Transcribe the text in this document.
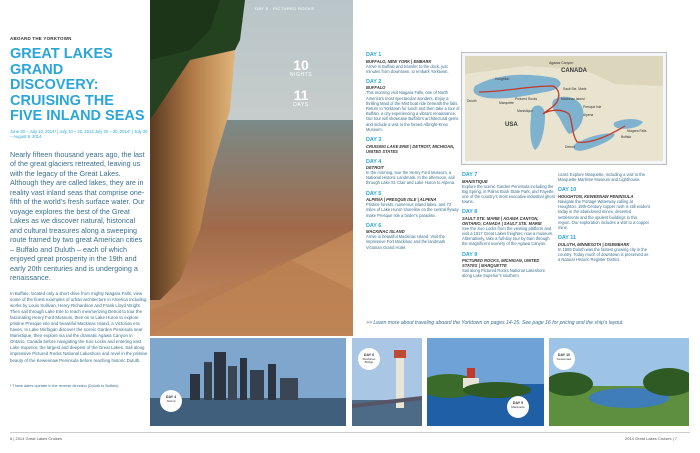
ABOARD THE YORKTOWN
GREAT LAKES GRAND DISCOVERY: CRUISING THE FIVE INLAND SEAS
June 30 – July 10, 2014* | July 10 – 20, 2014 July 20 – 30, 2014* | July 30 – August 9, 2014
Nearly fifteen thousand years ago, the last of the great glaciers retreated, leaving us with the legacy of the Great Lakes. Although they are called lakes, they are in reality vast inland seas that comprise one-fifth of the world’s fresh surface water. Our voyage explores the best of the Great Lakes as we discover natural, historical and cultural treasures along a sweeping route framed by two great American cities – Buffalo and Duluth – each of which enjoyed great prosperity in the 19th and early 20th centuries and is undergoing a renaissance.
In Buffalo, located only a short drive from mighty Niagara Falls, view some of the finest examples of urban architecture in America including works by Louis Sullivan, Henry Richardson and Frank Lloyd Wright. Then sail through Lake Erie to reach mesmerizing Detroit to tour the fascinating Henry Ford Museum, then on to Lake Huron to explore pristine Presque Isle and beautiful Mackinac Island, a Victorian era haven. In Lake Michigan discover the scenic Garden Peninsula near Manistique, then explore via rail the dramatic Agawa Canyon in Ontario, Canada before navigating the Soo Locks and entering vast Lake Superior, the largest and deepest of the Great Lakes. Sail along impressive Pictured Rocks National Lakeshore and revel in the pristine beauty of the Keweenaw Peninsula before reaching historic Duluth.
* These dates operate in the reverse direction (Duluth to Buffalo)
DAY 8 · PICTURED ROCKS
10
NIGHTS
11
DAYS
DAY 1
BUFFALO, NEW YORK | EMBARK
Arrive in Buffalo and transfer to the dock, just minutes from downtown, to embark Yorktown.
DAY 2
BUFFALO
This morning visit Niagara Falls, one of North America’s most spectacular wonders. Enjoy a thrilling Maid of the Mist boat ride beneath the falls. Return to Yorktown for lunch and then take a tour of Buffalo, a city experiencing a vibrant renaissance. Our tour will showcase Buffalo’s architectural gems and include a visit to the famed Albright-Knox Museum.
DAY 3
CRUISING LAKE ERIE | DETROIT, MICHIGAN, UNITED STATES
DAY 4
DETROIT
In the morning, tour the Henry Ford Museum, a National Historic Landmark. In the afternoon, sail through Lake St. Clair and Lake Huron to Alpena.
DAY 5
ALPENA | PRESQUE ISLE | ALPENA
Pristine forests, numerous inland lakes, and 72 miles of Lake Huron shoreline on the central flyway make Presque Isle a birder’s paradise.
DAY 6
MACKINAC ISLAND
Arrive in beautiful Mackinac Island. Visit the impressive Fort Mackinac and the landmark Victorian Grand Hotel.
CANADA
USA
Agawa Canyon
Duluth
Houghton
Marquette
Pictured Rocks
Sault Ste. Marie
Manistique
Mackinac Island
Alpena
Presque Isle
Detroit
Buffalo
Niagara Falls
DAY 7
MANISTIQUE
Explore the scenic Garden Peninsula including the Big Spring, in Palms Book State Park, and Fayette, one of the country’s most evocative industrial ghost towns.
DAY 8
SAULT STE. MARIE | AGAWA CANYON, ONTARIO, CANADA | SAULT STE. MARIE
See the Soo Locks from the viewing platform and visit a 1917 Great Lakes freighter, now a museum. Alternatively, take a full-day tour by train through the magnificent scenery of the Agawa Canyon.
DAY 9
PICTURED ROCKS, MICHIGAN, UNITED STATES | MARQUETTE
Sail along Pictured Rocks National Lakeshore along Lake Superior’s southern
coast. Explore Marquette, including a visit to the Marquette Maritime Museum and Lighthouse.
DAY 10
HOUGHTON, KEWEENAW PENINSULA
Navigate the Portage Waterway calling at Houghton. 19th-Century copper rush is still evident today in the abandoned mines, deserted settlements and the opulent buildings in this region. Our exploration includes a visit to a copper mine.
DAY 11
DULUTH, MINNESOTA | DISEMBARK
In 1869 Duluth was the fastest growing city in the country. Today much of downtown is preserved as a Natural Historic Register District.
>> Learn more about traveling aboard the Yorktown on pages 14-15. See page 16 for pricing and the ship’s layout.
DAY 4
Detroit
DAY 6
Mackinac Bridge
DAY 9
Marquette
DAY 10
Keweenaw
6 | 2014 Great Lakes Cruises	2014 Great Lakes Cruises | 7
